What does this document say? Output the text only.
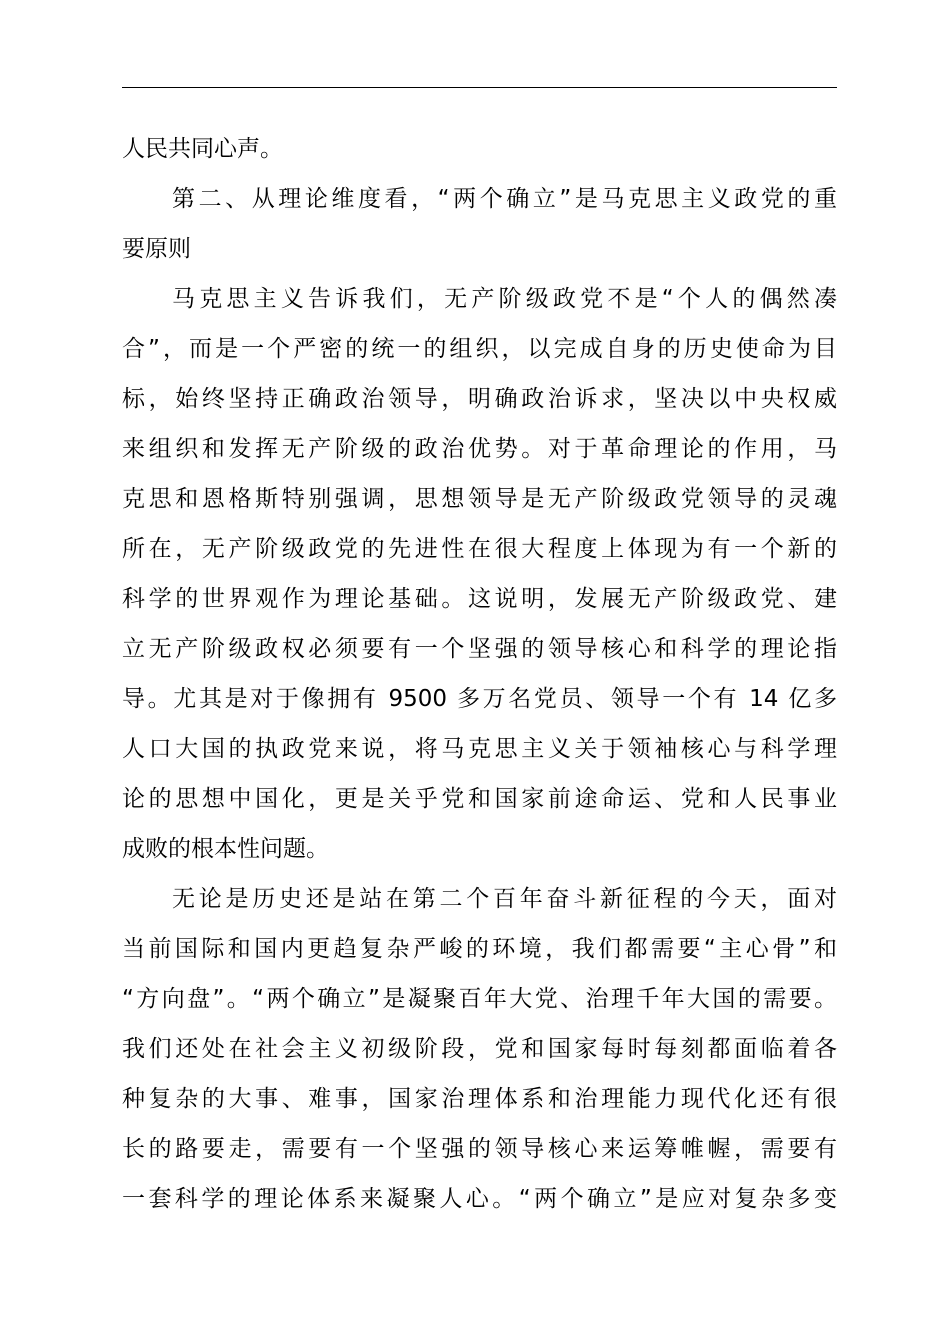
人民共同心声。
第二、从理论维度看，“两个确立”是马克思主义政党的重
要原则
马克思主义告诉我们，无产阶级政党不是“个人的偶然凑
合”，而是一个严密的统一的组织，以完成自身的历史使命为目
标，始终坚持正确政治领导，明确政治诉求，坚决以中央权威
来组织和发挥无产阶级的政治优势。对于革命理论的作用，马
克思和恩格斯特别强调，思想领导是无产阶级政党领导的灵魂
所在，无产阶级政党的先进性在很大程度上体现为有一个新的
科学的世界观作为理论基础。这说明，发展无产阶级政党、建
立无产阶级政权必须要有一个坚强的领导核心和科学的理论指
导。尤其是对于像拥有 9500 多万名党员、领导一个有 14 亿多
人口大国的执政党来说，将马克思主义关于领袖核心与科学理
论的思想中国化，更是关乎党和国家前途命运、党和人民事业
成败的根本性问题。
无论是历史还是站在第二个百年奋斗新征程的今天，面对
当前国际和国内更趋复杂严峻的环境，我们都需要“主心骨”和
“方向盘”。“两个确立”是凝聚百年大党、治理千年大国的需要。
我们还处在社会主义初级阶段，党和国家每时每刻都面临着各
种复杂的大事、难事，国家治理体系和治理能力现代化还有很
长的路要走，需要有一个坚强的领导核心来运筹帷幄，需要有
一套科学的理论体系来凝聚人心。“两个确立”是应对复杂多变
